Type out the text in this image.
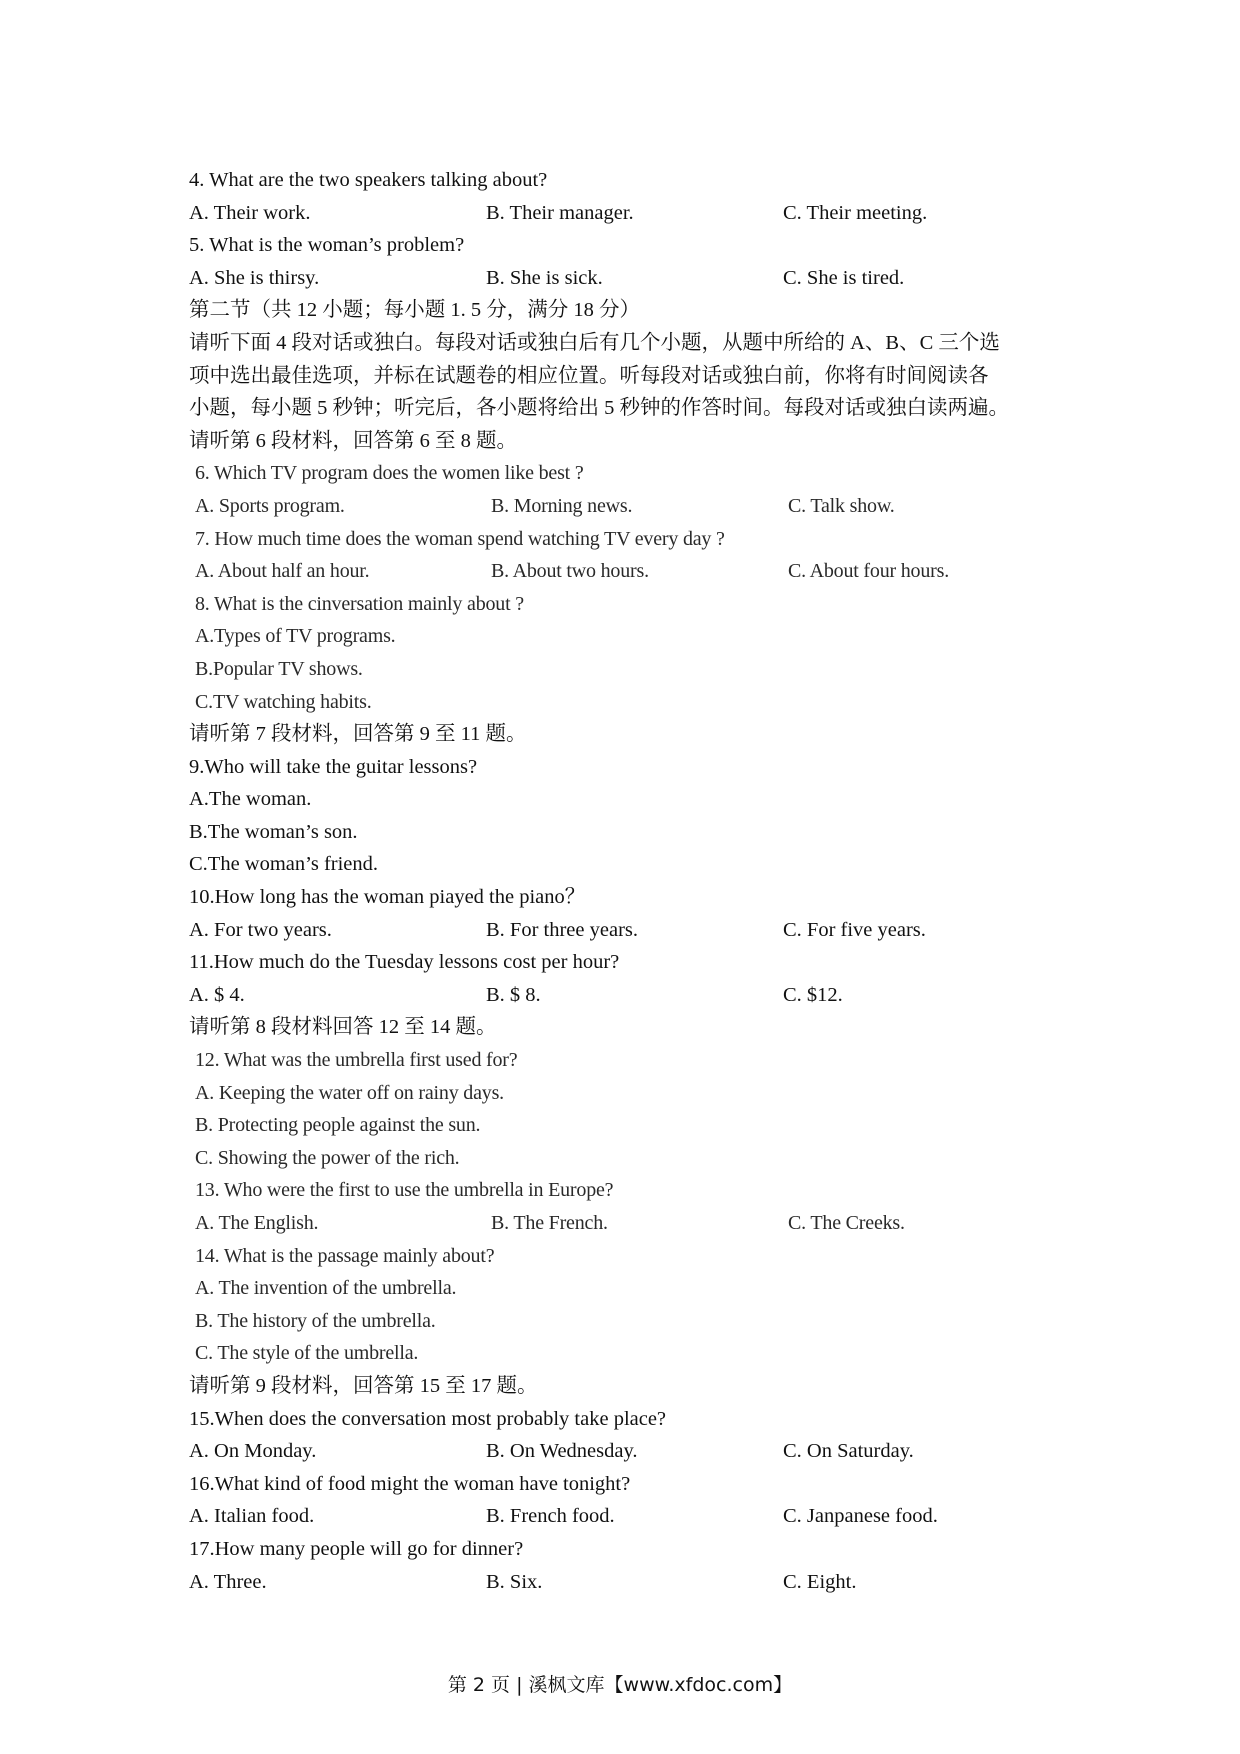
4. What are the two speakers talking about?
A. Their work.	B. Their manager.	C. Their meeting.
5. What is the woman’s problem?
A. She is thirsy.	B. She is sick.	C. She is tired.
第二节（共 12 小题；每小题 1. 5 分，满分 18 分）
请听下面 4 段对话或独白。每段对话或独白后有几个小题，从题中所给的 A、B、C 三个选
项中选出最佳选项，并标在试题卷的相应位置。听每段对话或独白前，你将有时间阅读各
小题，每小题 5 秒钟；听完后，各小题将给出 5 秒钟的作答时间。每段对话或独白读两遍。
请听第 6 段材料，回答第 6 至 8 题。
6. Which TV program does the women like best ?
A. Sports program.	B. Morning news.	C. Talk show.
7. How much time does the woman spend watching TV every day ?
A. About half an hour.	B. About two hours.	C. About four hours.
8. What is the cinversation mainly about ?
A.Types of TV programs.
B.Popular TV shows.
C.TV watching habits.
请听第 7 段材料，回答第 9 至 11 题。
9.Who will take the guitar lessons?
A.The woman.
B.The woman’s son.
C.The woman’s friend.
10.How long has the woman piayed the piano？
A. For two years.	B. For three years.	C. For five years.
11.How much do the Tuesday lessons cost per hour?
A. $ 4.	B. $ 8.	C. $12.
请听第 8 段材料回答 12 至 14 题。
12. What was the umbrella first used for?
A. Keeping the water off on rainy days.
B. Protecting people against the sun.
C. Showing the power of the rich.
13. Who were the first to use the umbrella in Europe?
A. The English.	B. The French.	C. The Creeks.
14. What is the passage mainly about?
A. The invention of the umbrella.
B. The history of the umbrella.
C. The style of the umbrella.
请听第 9 段材料，回答第 15 至 17 题。
15.When does the conversation most probably take place?
A. On Monday.	B. On Wednesday.	C. On Saturday.
16.What kind of food might the woman have tonight?
A. Italian food.	B. French food.	C. Janpanese food.
17.How many people will go for dinner?
A. Three.	B. Six.	C. Eight.
第 2 页 | 溪枫文库【www.xfdoc.com】
